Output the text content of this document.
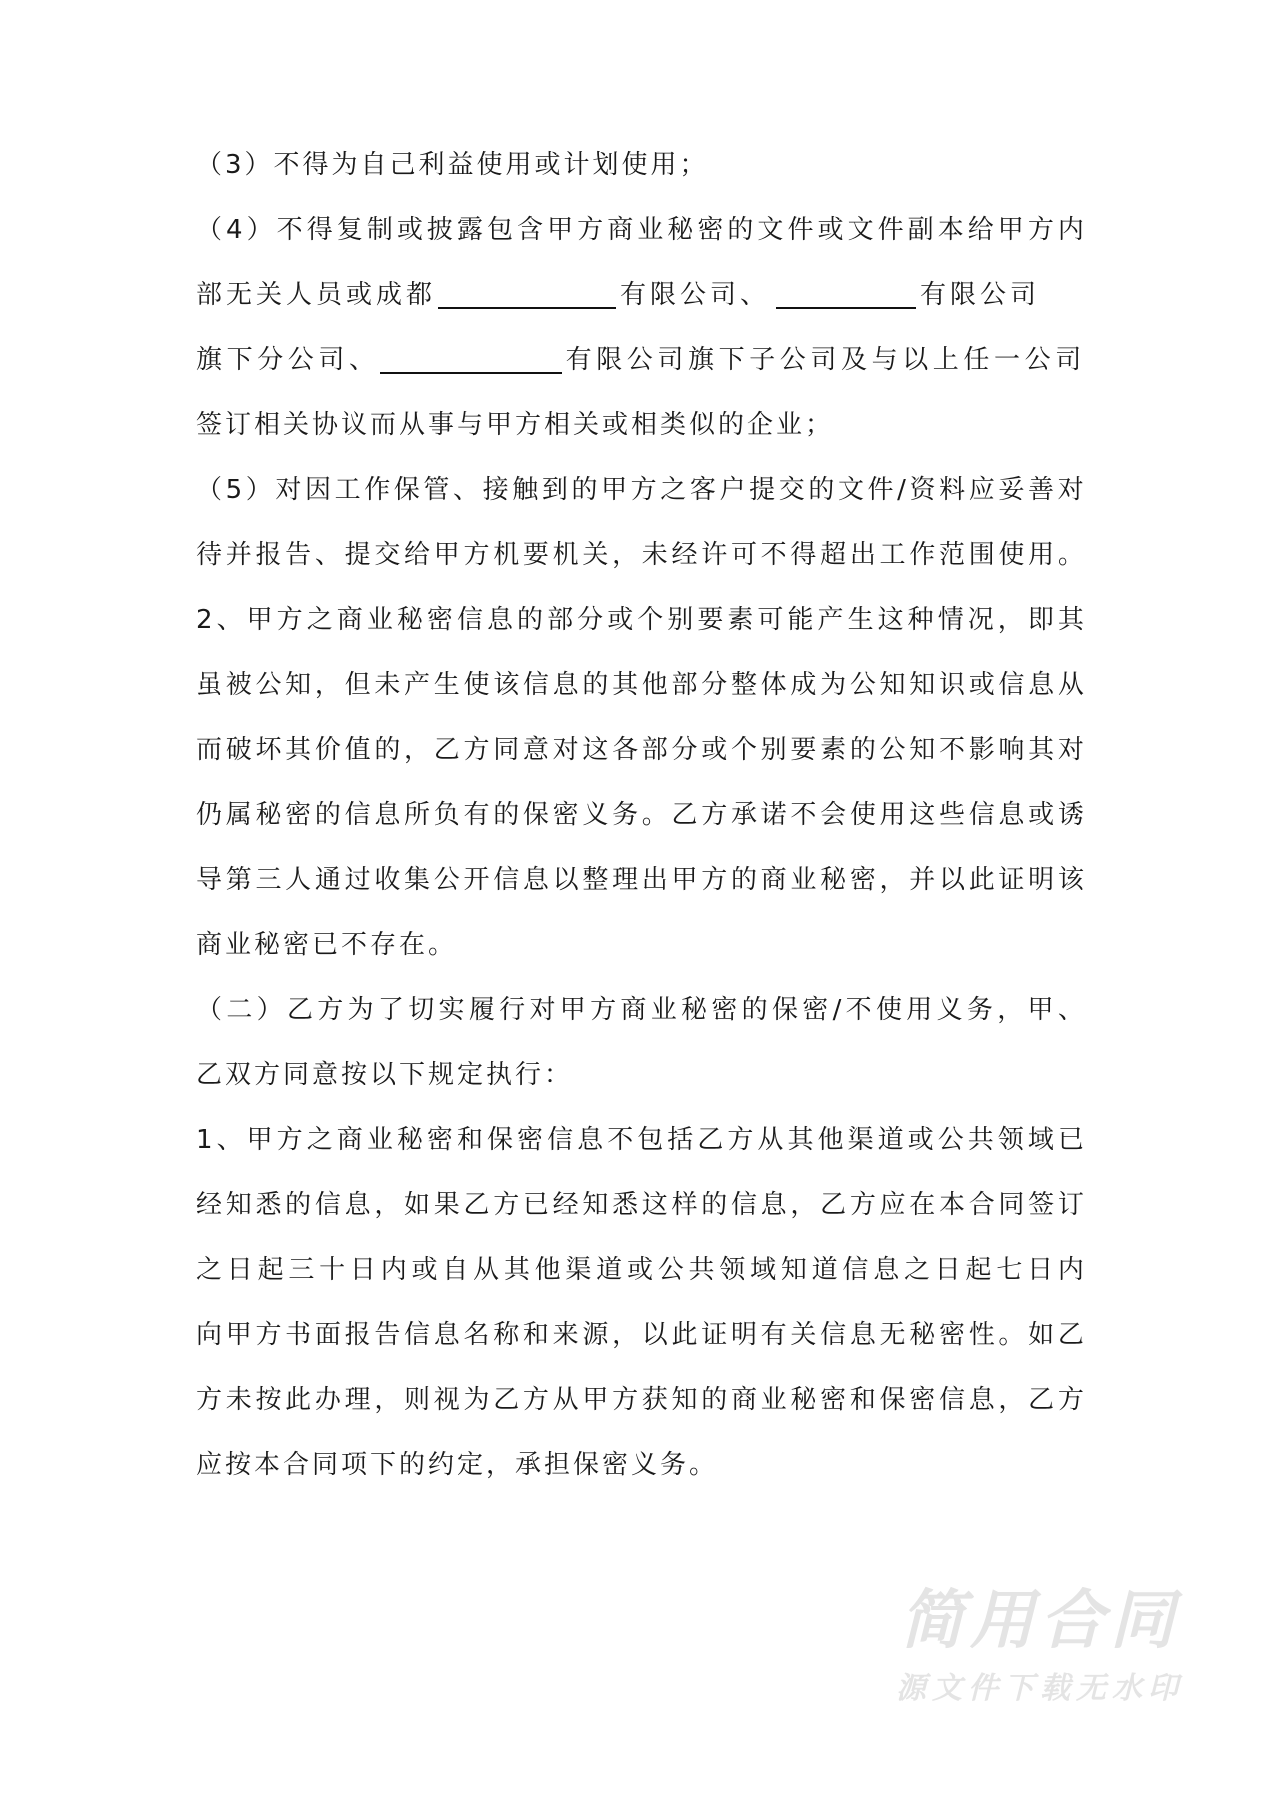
（3）不得为自己利益使用或计划使用；
（ 4 ） 不 得 复 制 或 披 露 包 含 甲 方 商 业 秘 密 的 文 件 或 文 件 副 本 给 甲 方 内
部无关人员或成都	有限公司、	有限公司
旗下分公司、	有限公司旗下子公司及与以上任一公司
签订相关协议而从事与甲方相关或相类似的企业；
（ 5 ） 对 因 工 作 保 管 、 接 触 到 的 甲 方 之 客 户 提 交 的 文 件 / 资 料 应 妥 善 对
待 并 报 告 、 提 交 给 甲 方 机 要 机 关 ， 未 经 许 可 不 得 超 出 工 作 范 围 使 用 。
2 、 甲 方 之 商 业 秘 密 信 息 的 部 分 或 个 别 要 素 可 能 产 生 这 种 情 况 ， 即 其
虽 被 公 知 ， 但 未 产 生 使 该 信 息 的 其 他 部 分 整 体 成 为 公 知 知 识 或 信 息 从
而 破 坏 其 价 值 的 ， 乙 方 同 意 对 这 各 部 分 或 个 别 要 素 的 公 知 不 影 响 其 对
仍 属 秘 密 的 信 息 所 负 有 的 保 密 义 务 。 乙 方 承 诺 不 会 使 用 这 些 信 息 或 诱
导 第 三 人 通 过 收 集 公 开 信 息 以 整 理 出 甲 方 的 商 业 秘 密 ， 并 以 此 证 明 该
商业秘密已不存在。
（ 二 ） 乙 方 为 了 切 实 履 行 对 甲 方 商 业 秘 密 的 保 密 / 不 使 用 义 务 ， 甲 、
乙双方同意按以下规定执行：
1 、 甲 方 之 商 业 秘 密 和 保 密 信 息 不 包 括 乙 方 从 其 他 渠 道 或 公 共 领 域 已
经 知 悉 的 信 息 ， 如 果 乙 方 已 经 知 悉 这 样 的 信 息 ， 乙 方 应 在 本 合 同 签 订
之 日 起 三 十 日 内 或 自 从 其 他 渠 道 或 公 共 领 域 知 道 信 息 之 日 起 七 日 内
向 甲 方 书 面 报 告 信 息 名 称 和 来 源 ， 以 此 证 明 有 关 信 息 无 秘 密 性 。 如 乙
方 未 按 此 办 理 ， 则 视 为 乙 方 从 甲 方 获 知 的 商 业 秘 密 和 保 密 信 息 ， 乙 方
应按本合同项下的约定，承担保密义务。
简用合同
源文件下载无水印
